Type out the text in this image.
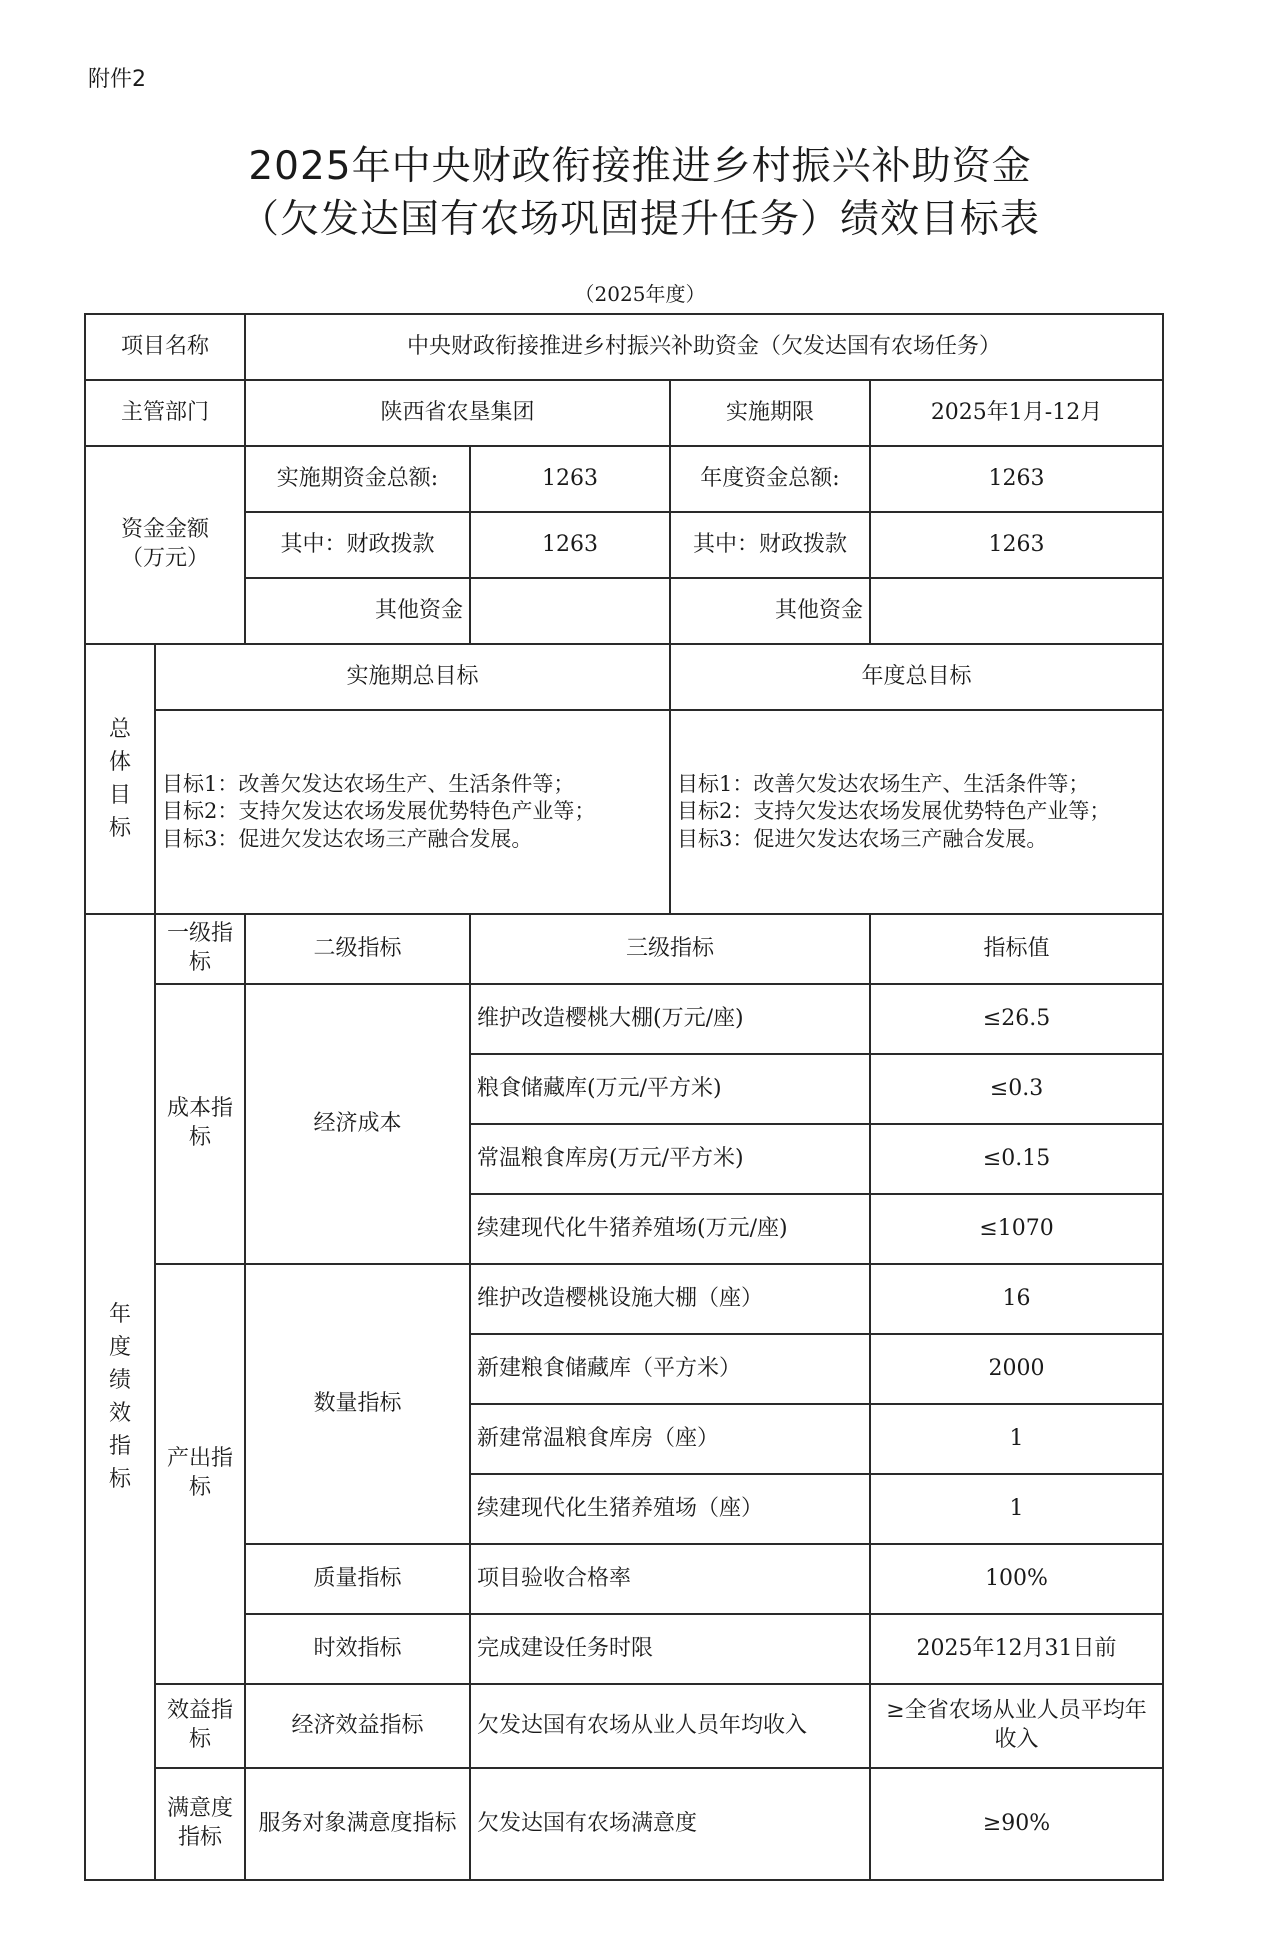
附件2
2025年中央财政衔接推进乡村振兴补助资金
（欠发达国有农场巩固提升任务）绩效目标表
（2025年度）
项目名称		中央财政衔接推进乡村振兴补助资金（欠发达国有农场任务）			
主管部门		陕西省农垦集团		实施期限	2025年1月-12月

资金金额
（万元）		实施期资金总额:	1263	年度资金总额:	1263
		其中：财政拨款	1263	其中：财政拨款	1263
		其他资金		其他资金	
总体目标	实施期总目标			年度总目标	

	目标1：改善欠发达农场生产、生活条件等；
目标2：支持欠发达农场发展优势特色产业等；
目标3：促进欠发达农场三产融合发展。			目标1：改善欠发达农场生产、生活条件等；
目标2：支持欠发达农场发展优势特色产业等；
目标3：促进欠发达农场三产融合发展。	

年度绩效指标	一级指标	二级指标	三级指标		指标值
	成本指标	经济成本	维护改造樱桃大棚(万元/座)		≤26.5
			粮食储藏库(万元/平方米)		≤0.3
			常温粮食库房(万元/平方米)		≤0.15
			续建现代化牛猪养殖场(万元/座)		≤1070
	产出指标	数量指标	维护改造樱桃设施大棚（座）		16
			新建粮食储藏库（平方米）		2000
			新建常温粮食库房（座）		1
			续建现代化生猪养殖场（座）		1
		质量指标	项目验收合格率		100%
		时效指标	完成建设任务时限		2025年12月31日前
	效益指标	经济效益指标	欠发达国有农场从业人员年均收入		≥全省农场从业人员平均年收入
	满意度指标	服务对象满意度指标	欠发达国有农场满意度		≥90%
